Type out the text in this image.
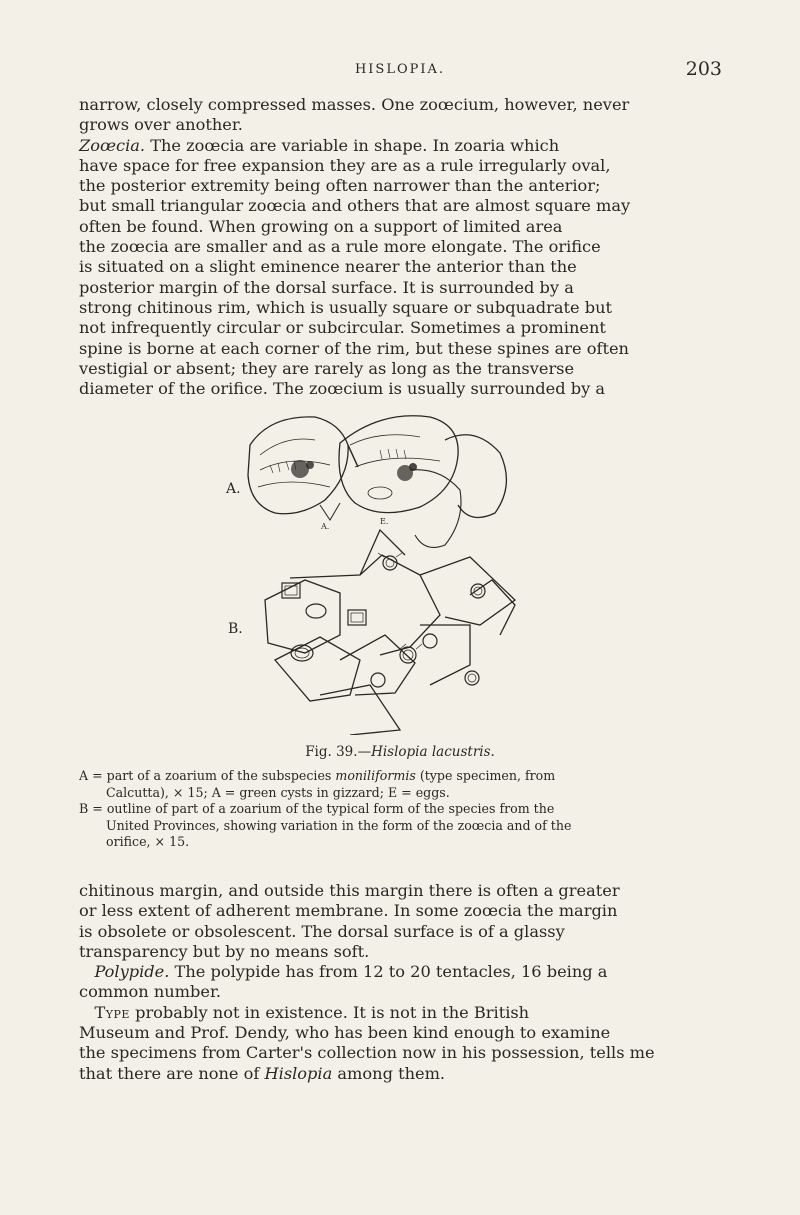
HISLOPIA.	203
narrow, closely compressed masses. One zoœcium, however, never
grows over another.
Zoœcia. The zoœcia are variable in shape. In zoaria which
have space for free expansion they are as a rule irregularly oval,
the posterior extremity being often narrower than the anterior;
but small triangular zoœcia and others that are almost square may
often be found. When growing on a support of limited area
the zoœcia are smaller and as a rule more elongate. The orifice
is situated on a slight eminence nearer the anterior than the
posterior margin of the dorsal surface. It is surrounded by a
strong chitinous rim, which is usually square or subquadrate but
not infrequently circular or subcircular. Sometimes a prominent
spine is borne at each corner of the rim, but these spines are often
vestigial or absent; they are rarely as long as the transverse
diameter of the orifice. The zoœcium is usually surrounded by a
A.
B.
A.
E.
Fig. 39.—Hislopia lacustris.
A = part of a zoarium of the subspecies moniliformis (type specimen, from
Calcutta), × 15; A = green cysts in gizzard; E = eggs.
B = outline of part of a zoarium of the typical form of the species from the
United Provinces, showing variation in the form of the zoœcia and of the
orifice, × 15.
chitinous margin, and outside this margin there is often a greater
or less extent of adherent membrane. In some zoœcia the margin
is obsolete or obsolescent. The dorsal surface is of a glassy
transparency but by no means soft.
Polypide. The polypide has from 12 to 20 tentacles, 16 being a
common number.
Type probably not in existence. It is not in the British
Museum and Prof. Dendy, who has been kind enough to examine
the specimens from Carter's collection now in his possession, tells me
that there are none of Hislopia among them.
